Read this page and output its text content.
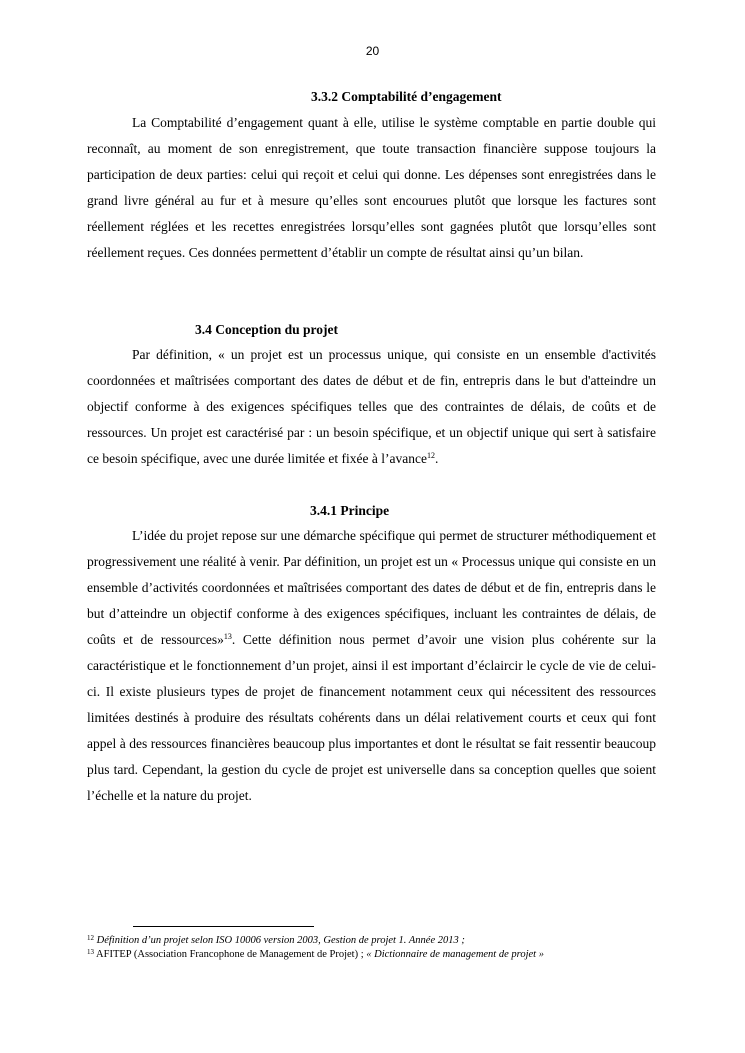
20
3.3.2 Comptabilité d’engagement

La Comptabilité d’engagement quant à elle, utilise le système comptable en partie double qui reconnaît, au moment de son enregistrement, que toute transaction financière suppose toujours la participation de deux parties: celui qui reçoit et celui qui donne. Les dépenses sont enregistrées dans le grand livre général au fur et à mesure qu’elles sont encourues plutôt que lorsque les factures sont réellement réglées et les recettes enregistrées lorsqu’elles sont gagnées plutôt que lorsqu’elles sont réellement reçues. Ces données permettent d’établir un compte de résultat ainsi qu’un bilan.

3.4 Conception du projet

Par définition, « un projet est un processus unique, qui consiste en un ensemble d'activités coordonnées et maîtrisées comportant des dates de début et de fin, entrepris dans le but d'atteindre un objectif conforme à des exigences spécifiques telles que des contraintes de délais, de coûts et de ressources. Un projet est caractérisé par : un besoin spécifique, et un objectif unique qui sert à satisfaire ce besoin spécifique, avec une durée limitée et fixée à l’avance$^{12}$.

3.4.1 Principe

L’idée du projet repose sur une démarche spécifique qui permet de structurer méthodiquement et progressivement une réalité à venir. Par définition, un projet est un « Processus unique qui consiste en un ensemble d’activités coordonnées et maîtrisées comportant des dates de début et de fin, entrepris dans le but d’atteindre un objectif conforme à des exigences spécifiques, incluant les contraintes de délais, de coûts et de ressources»$^{13}$. Cette définition nous permet d’avoir une vision plus cohérente sur la caractéristique et le fonctionnement d’un projet, ainsi il est important d’éclaircir le cycle de vie de celui-ci. Il existe plusieurs types de projet de financement notamment ceux qui nécessitent des ressources limitées destinés à produire des résultats cohérents dans un délai relativement courts et ceux qui font appel à des ressources financières beaucoup plus importantes et dont le résultat se fait ressentir beaucoup plus tard. Cependant, la gestion du cycle de projet est universelle dans sa conception quelles que soient l’échelle et la nature du projet.

$^{12}$ Définition d’un projet selon ISO 10006 version 2003, Gestion de projet 1. Année 2013 ;
$^{13}$ AFITEP (Association Francophone de Management de Projet) ; « Dictionnaire de management de projet »
